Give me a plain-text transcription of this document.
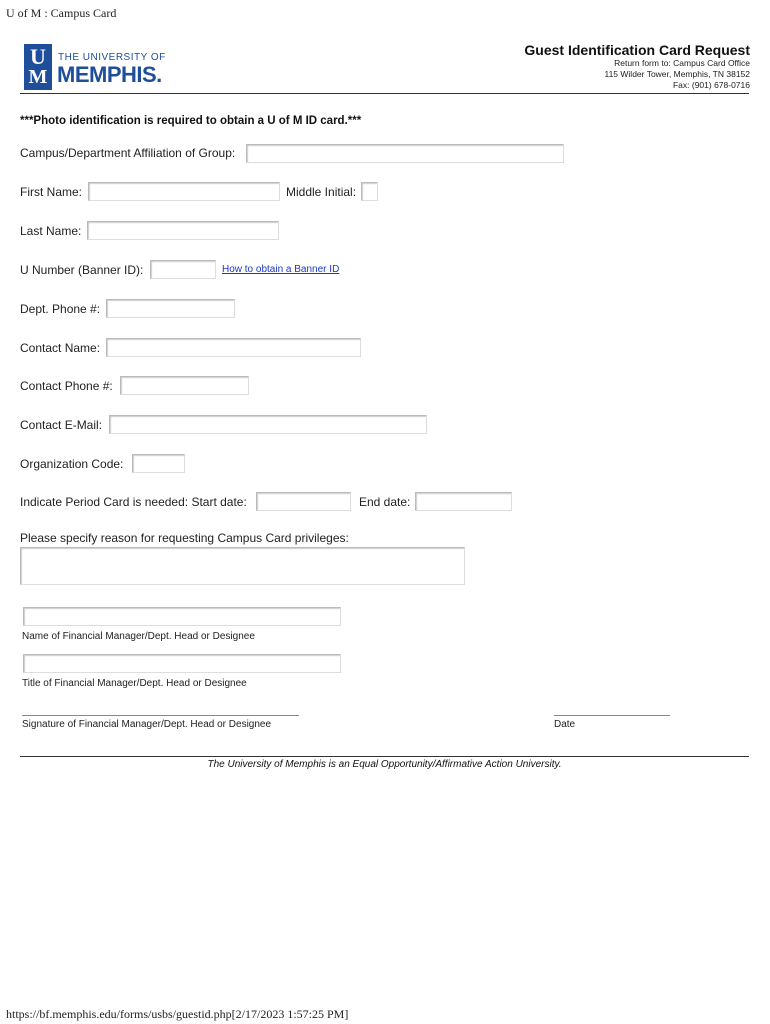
U of M : Campus Card
U
M
THE UNIVERSITY OF
MEMPHIS.
Guest Identification Card Request
Return form to: Campus Card Office
115 Wilder Tower, Memphis, TN 38152
Fax: (901) 678-0716
***Photo identification is required to obtain a U of M ID card.***
Campus/Department Affiliation of Group:
First Name:	Middle Initial:
Last Name:
U Number (Banner ID):	How to obtain a Banner ID
Dept. Phone #:
Contact Name:
Contact Phone #:
Contact E-Mail:
Organization Code:
Indicate Period Card is needed: Start date:	End date:
Please specify reason for requesting Campus Card privileges:
Name of Financial Manager/Dept. Head or Designee
Title of Financial Manager/Dept. Head or Designee
Signature of Financial Manager/Dept. Head or Designee	Date
The University of Memphis is an Equal Opportunity/Affirmative Action University.
https://bf.memphis.edu/forms/usbs/guestid.php[2/17/2023 1:57:25 PM]
